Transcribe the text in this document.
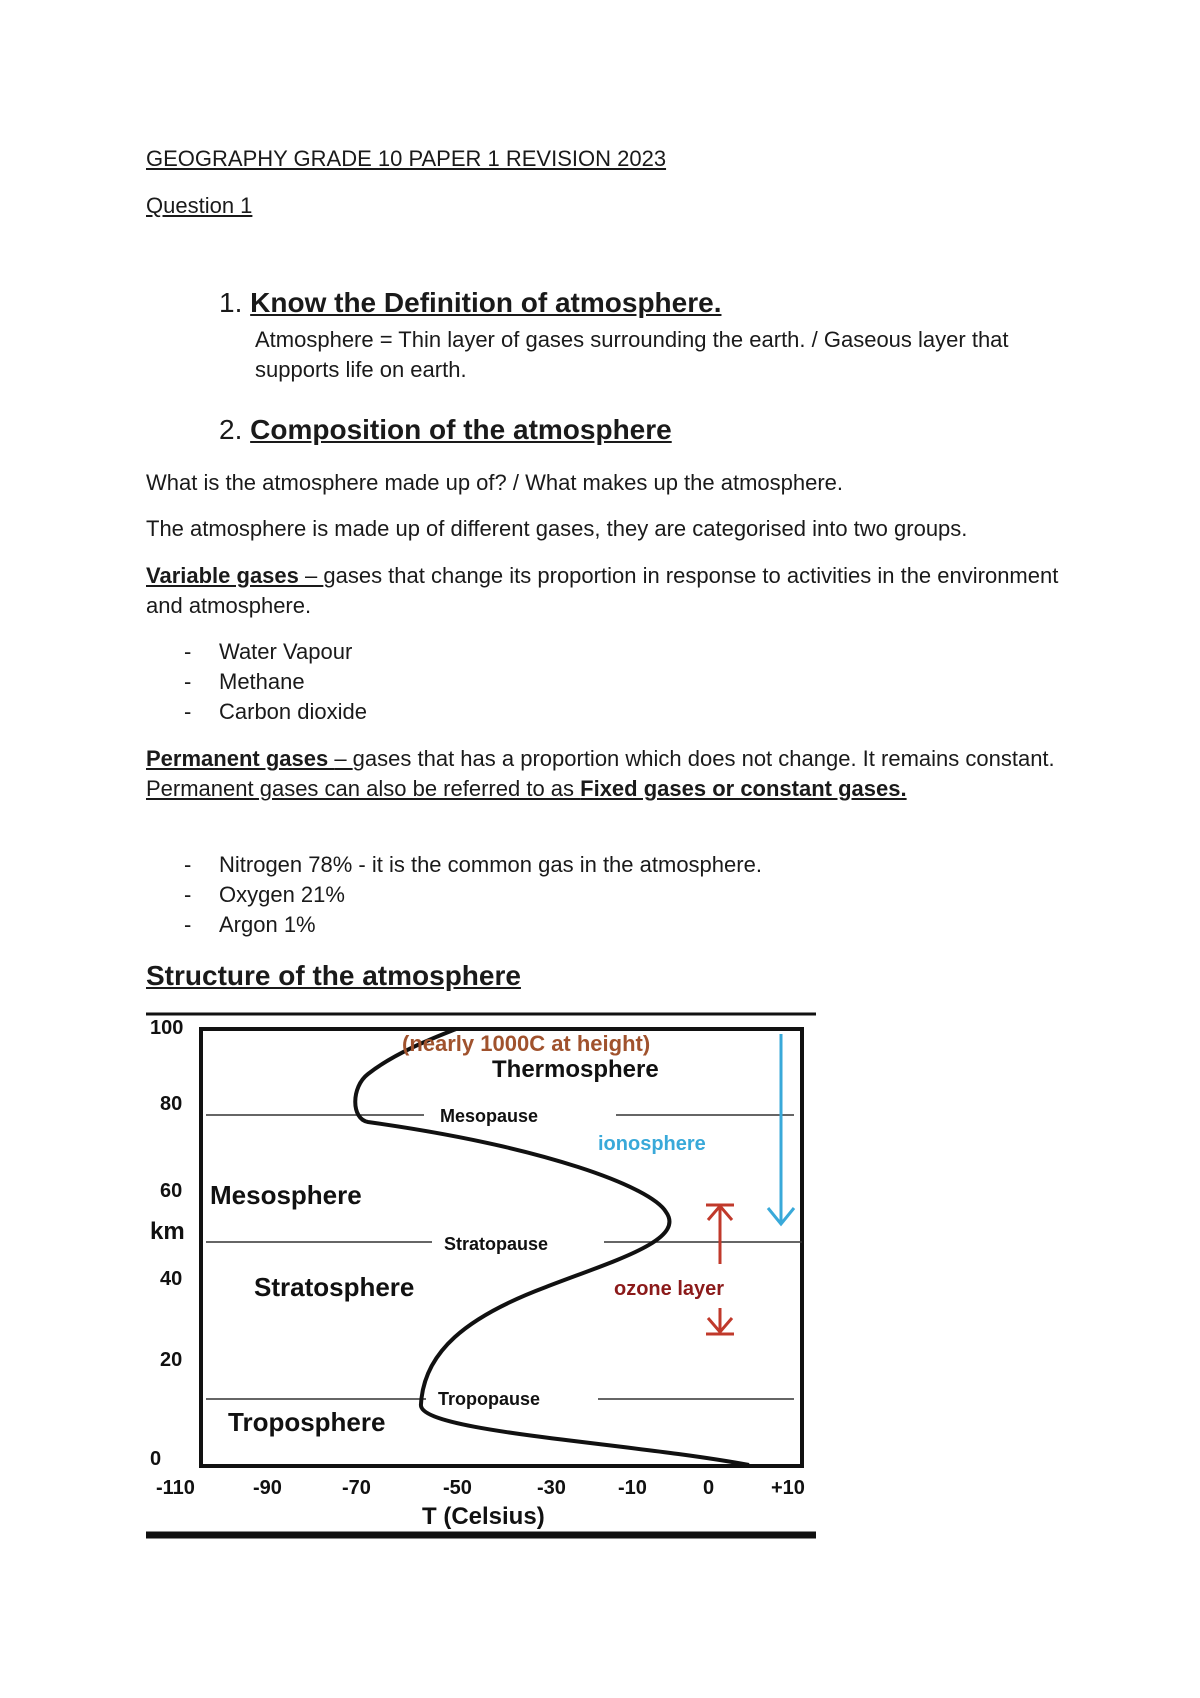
GEOGRAPHY GRADE 10 PAPER 1 REVISION 2023
Question 1
1. Know the Definition of atmosphere.
Atmosphere = Thin layer of gases surrounding the earth. / Gaseous layer that supports life on earth.
2. Composition of the atmosphere
What is the atmosphere made up of? / What makes up the atmosphere.
The atmosphere is made up of different gases, they are categorised into two groups.
Variable gases – gases that change its proportion in response to activities in the environment and atmosphere.
- Water Vapour
- Methane
- Carbon dioxide
Permanent gases – gases that has a proportion which does not change. It remains constant. Permanent gases can also be referred to as Fixed gases or constant gases.
- Nitrogen 78% - it is the common gas in the atmosphere.
- Oxygen 21%
- Argon 1%
Structure of the atmosphere
0
20
40
60
80
100
km
-110	-90	-70	-50	-30	-10	0	+10
T (Celsius)
Thermosphere
Mesopause
Mesosphere
Stratopause
Stratosphere
Tropopause
Troposphere
(nearly 1000C at height)
ionosphere
ozone layer
